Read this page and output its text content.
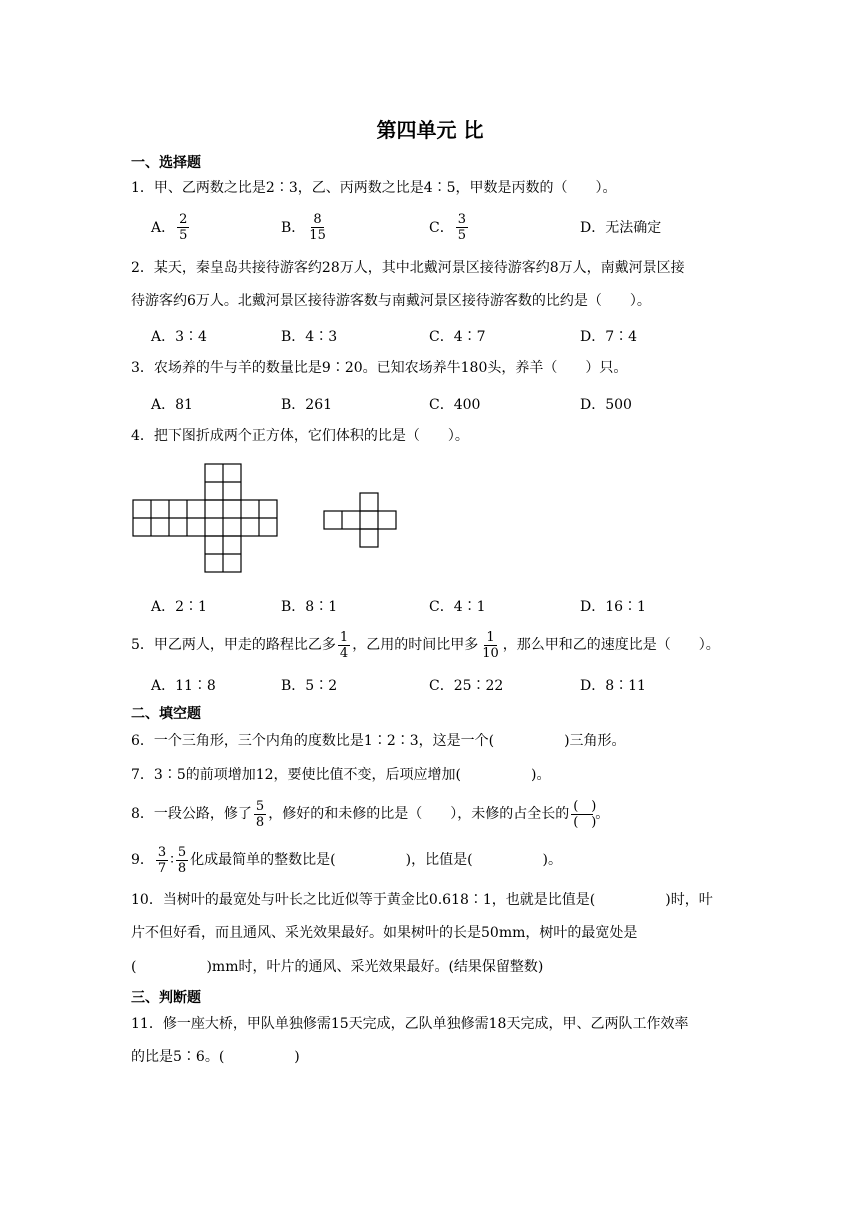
第四单元 比
一、选择题
1．甲、乙两数之比是2∶3，乙、丙两数之比是4∶5，甲数是丙数的（　　）。
A． $\frac{2}{5}$	B． $\frac{8}{15}$	C． $\frac{3}{5}$	D．无法确定
2．某天，秦皇岛共接待游客约28万人，其中北戴河景区接待游客约8万人，南戴河景区接
待游客约6万人。北戴河景区接待游客数与南戴河景区接待游客数的比约是（　　）。
A．3∶4	B．4∶3	C．4∶7	D．7∶4
3．农场养的牛与羊的数量比是9∶20。已知农场养牛180头，养羊（　　）只。
A．81	B．261	C．400	D．500
4．把下图折成两个正方体，它们体积的比是（　　）。
A．2∶1	B．8∶1	C．4∶1	D．16∶1
5．甲乙两人，甲走的路程比乙多 $\frac{1}{4}$ ，乙用的时间比甲多 $\frac{1}{10}$ ，那么甲和乙的速度比是（　　）。
A．11∶8	B．5∶2	C．25∶22	D．8∶11
二、填空题
6．一个三角形，三个内角的度数比是1∶2∶3，这是一个(　　　　　)三角形。
7．3∶5的前项增加12，要使比值不变，后项应增加(　　　　　)。
8．一段公路，修了 $\frac{5}{8}$ ，修好的和未修的比是（　　），未修的占全长的 $\frac{( )}{( )}$ 。
9． $\frac{3}{7}$ ∶ $\frac{5}{8}$ 化成最简单的整数比是(　　　　　)，比值是(　　　　　)。
10．当树叶的最宽处与叶长之比近似等于黄金比0.618∶1，也就是比值是(　　　　　)时，叶
片不但好看，而且通风、采光效果最好。如果树叶的长是50mm，树叶的最宽处是
(　　　　　)mm时，叶片的通风、采光效果最好。(结果保留整数)
三、判断题
11．修一座大桥，甲队单独修需15天完成，乙队单独修需18天完成，甲、乙两队工作效率
的比是5∶6。(　　　　　)
